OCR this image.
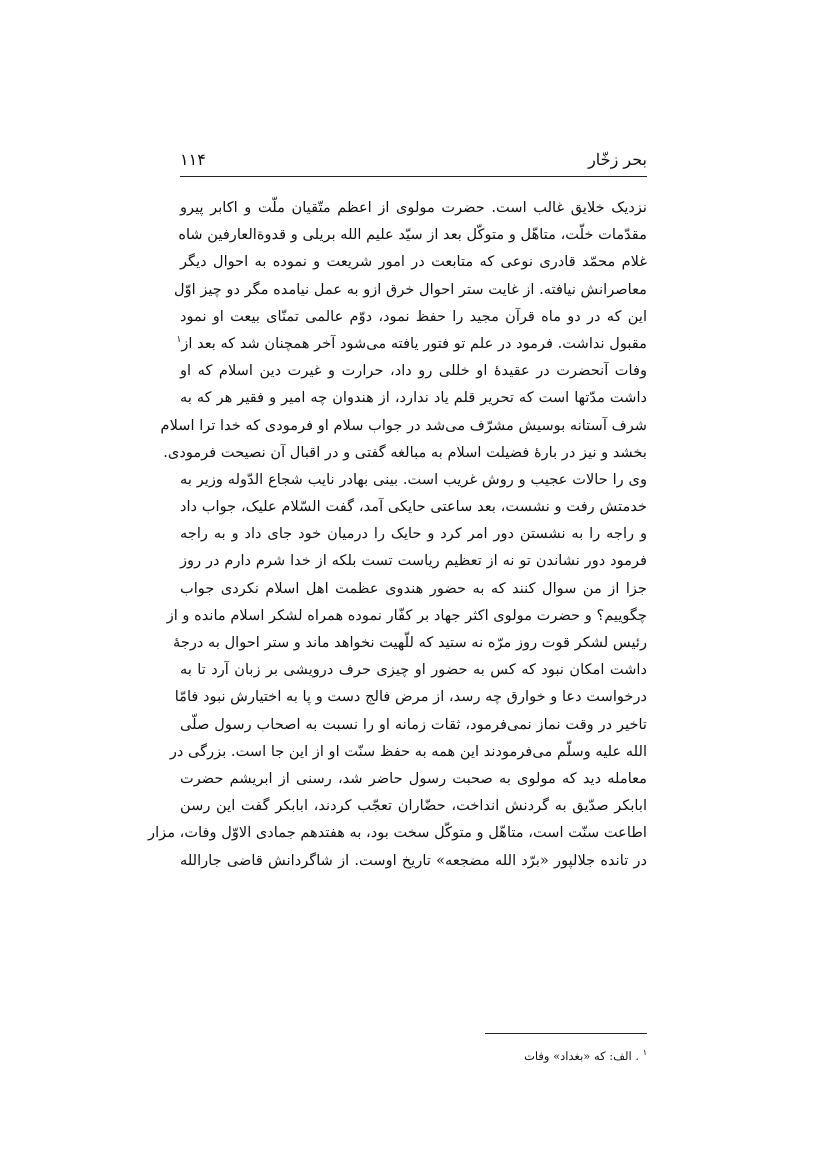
بحر زخّار
۱۱۴
نزدیک خلایق غالب است. حضرت مولوی از اعظم متّقیان ملّت و اکابر پیرو
مقدّمات خلّت، متاهّل و متوکّل بعد از سیّد علیم الله بریلی و قدوةالعارفین شاه
غلام محمّد قادری نوعی که متابعت در امور شریعت و نموده به احوال دیگر
معاصرانش نیافته. از غایت ستر احوال خرق ازو به عمل نیامده مگر دو چیز اوّل
این که در دو ماه قرآن مجید را حفظ نمود، دوّم عالمی تمنّای بیعت او نمود
مقبول نداشت. فرمود در علم تو فتور یافته می‌شود آخر همچنان شد که بعد از$^۱$
وفات آنحضرت در عقیدهٔ او خللی رو داد، حرارت و غیرت دین اسلام که او
داشت مدّتها است که تحریر قلم یاد ندارد، از هندوان چه امیر و فقیر هر که به
شرف آستانه بوسیش مشرّف می‌شد در جواب سلام او فرمودی که خدا ترا اسلام
بخشد و نیز در بارهٔ فضیلت اسلام به مبالغه گفتی و در اقبال آن نصیحت فرمودی.
وی را حالات عجیب و روش غریب است. بینی بهادر نایب شجاع الدّوله وزیر به
خدمتش رفت و نشست، بعد ساعتی حایکی آمد، گفت السّلام علیک، جواب داد
و راجه را به نشستن دور امر کرد و حایک را درمیان خود جای داد و به راجه
فرمود دور نشاندن تو نه از تعظیم ریاست تست بلکه از خدا شرم دارم در روز
جزا از من سوال کنند که به حضور هندوی عظمت اهل اسلام نکردی جواب
چگوییم؟ و حضرت مولوی اکثر جهاد بر کفّار نموده همراه لشکر اسلام مانده و از
رئیس لشکر قوت روز مرّه نه ستید که للّهیت نخواهد ماند و ستر احوال به درجهٔ
داشت امکان نبود که کس به حضور او چیزی حرف درویشی بر زبان آرد تا به
درخواست دعا و خوارق چه رسد، از مرض فالج دست و پا به اختیارش نبود فامّا
تاخیر در وقت نماز نمی‌فرمود، ثقات زمانه او را نسبت به اصحاب رسول صلّی
الله علیه وسلّم می‌فرمودند این همه به حفظ سنّت او از این جا است. بزرگی در
معامله دید که مولوی به صحبت رسول حاضر شد، رسنی از ابریشم حضرت
ابابکر صدّیق به گردنش انداخت، حضّاران تعجّب کردند، ابابکر گفت این رسن
اطاعت سنّت است، متاهّل و متوکّل سخت بود، به هفتدهم جمادی الاوّل وفات، مزار
در تانده جلالپور «برّد الله مضجعه» تاریخ اوست. از شاگردانش قاضی جارالله

$^۱$ . الف: که «بغداد» وفات
